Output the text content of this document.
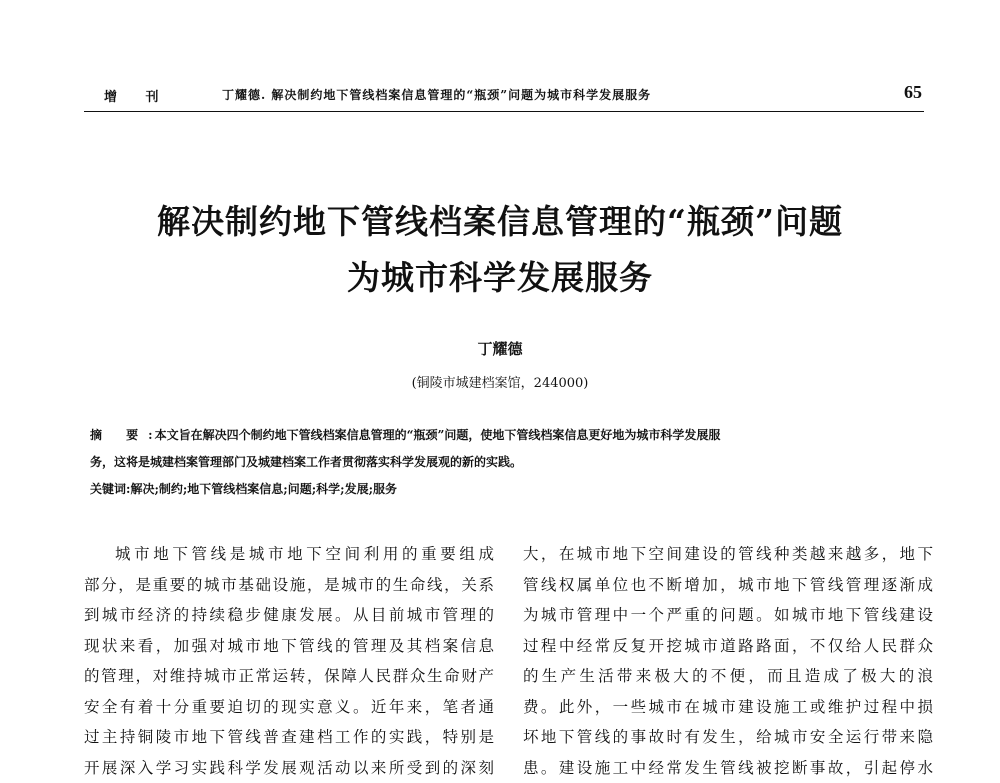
增 刊	丁耀德. 解决制约地下管线档案信息管理的“瓶颈”问题为城市科学发展服务	65
解决制约地下管线档案信息管理的“瓶颈”问题
为城市科学发展服务
丁耀德
(铜陵市城建档案馆，244000)

摘 要:本文旨在解决四个制约地下管线档案信息管理的“瓶颈”问题，使地下管线档案信息更好地为城市科学发展服

务，这将是城建档案管理部门及城建档案工作者贯彻落实科学发展观的新的实践。

关键词:解决;制约;地下管线档案信息;问题;科学;发展;服务

城市地下管线是城市地下空间利用的重要组成
部分，是重要的城市基础设施，是城市的生命线，关系
到城市经济的持续稳步健康发展。从目前城市管理的
现状来看，加强对城市地下管线的管理及其档案信息
的管理，对维持城市正常运转，保障人民群众生命财产
安全有着十分重要迫切的现实意义。近年来，笔者通
过主持铜陵市地下管线普查建档工作的实践，特别是
开展深入学习实践科学发展观活动以来所受到的深刻
大，在城市地下空间建设的管线种类越来越多，地下
管线权属单位也不断增加，城市地下管线管理逐渐成
为城市管理中一个严重的问题。如城市地下管线建设
过程中经常反复开挖城市道路路面，不仅给人民群众
的生产生活带来极大的不便，而且造成了极大的浪
费。此外，一些城市在城市建设施工或维护过程中损
坏地下管线的事故时有发生，给城市安全运行带来隐
患。建设施工中经常发生管线被挖断事故，引起停水
